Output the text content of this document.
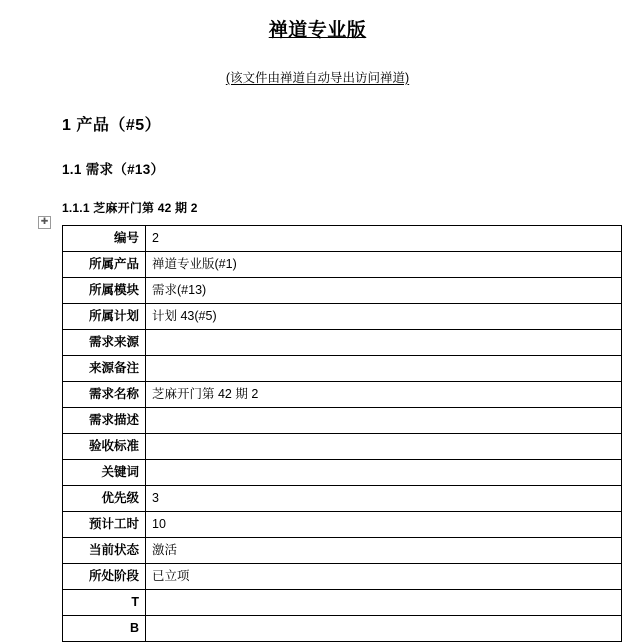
禅道专业版
(该文件由禅道自动导出访问禅道)
1 产品（#5）
1.1 需求（#13）
1.1.1 芝麻开门第 42 期 2
✚
编号	2
所属产品	禅道专业版(#1)
所属模块	需求(#13)
所属计划	计划 43(#5)
需求来源	
来源备注	
需求名称	芝麻开门第 42 期 2
需求描述	
验收标准	
关键词	
优先级	3
预计工时	10
当前状态	激活
所处阶段	已立项
T	
B	
